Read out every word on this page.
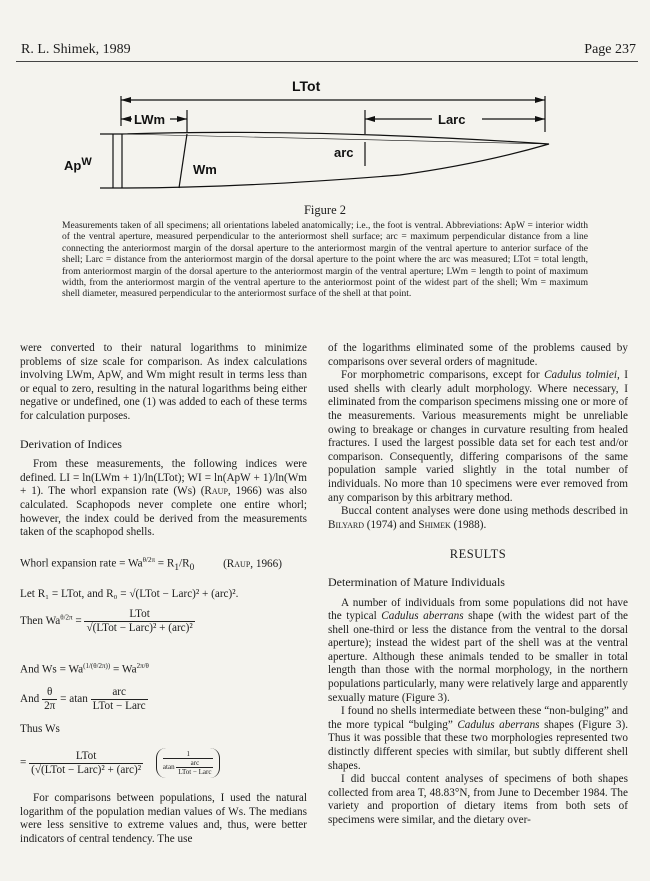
R. L. Shimek, 1989	Page 237
LTot
LWm	Larc
arc
$Ap^W$	Wm
Figure 2
Measurements taken of all specimens; all orientations labeled anatomically; i.e., the foot is ventral. Abbreviations: ApW = interior width of the ventral aperture, measured perpendicular to the anteriormost shell surface; arc = maximum perpendicular distance from a line connecting the anteriormost margin of the dorsal aperture to the anteriormost margin of the ventral aperture to anterior surface of the shell; Larc = distance from the anteriormost margin of the dorsal aperture to the point where the arc was measured; LTot = total length, from anteriormost margin of the dorsal aperture to the anteriormost margin of the ventral aperture; LWm = length to point of maximum width, from the anteriormost margin of the ventral aperture to the anteriormost point of the widest part of the shell; Wm = maximum shell diameter, measured perpendicular to the anteriormost surface of the shell at that point.

were converted to their natural logarithms to minimize problems of size scale for comparison. As index calculations involving LWm, ApW, and Wm might result in terms less than or equal to zero, resulting in the natural logarithms being either negative or undefined, one (1) was added to each of these terms for calculation purposes.

Derivation of Indices

From these measurements, the following indices were defined. LI = ln(LWm + 1)/ln(LTot); WI = ln(ApW + 1)/ln(Wm + 1). The whorl expansion rate (Ws) (Raup, 1966) was also calculated. Scaphopods never complete one entire whorl; however, the index could be derived from the measurements taken of the scaphopod shells.

Whorl expansion rate = $Wa^{\theta/2\pi} = R_1/R_0$	(Raup, 1966)
Let R₁ = LTot, and R₀ = √(LTot − Larc)² + (arc)².
Then $Wa^{\theta/2\pi} = \frac{\text{LTot}}{\text{√(LTot − Larc)² + (arc)²}}$
And $Ws = Wa^{(1/(\theta/2\pi))} = Wa^{2\pi/\theta}$
And $\frac{\theta}{2\pi} = atan \frac{\text{arc}}{\text{LTot − Larc}}$
Thus Ws
= $\frac{\text{LTot}}{\text{(√(LTot − Larc)² + (arc)²}}$
	1
atan $\frac{\text{arc}}{\text{LTot − Larc}}$

For comparisons between populations, I used the natural logarithm of the population median values of Ws. The medians were less sensitive to extreme values and, thus, were better indicators of central tendency. The use

of the logarithms eliminated some of the problems caused by comparisons over several orders of magnitude.

For morphometric comparisons, except for Cadulus tolmiei, I used shells with clearly adult morphology. Where necessary, I eliminated from the comparison specimens missing one or more of the measurements. Various measurements might be unreliable owing to breakage or changes in curvature resulting from healed fractures. I used the largest possible data set for each test and/or comparison. Consequently, differing comparisons of the same population sample varied slightly in the total number of individuals. No more than 10 specimens were ever removed from any comparison by this arbitrary method.

Buccal content analyses were done using methods described in Bilyard (1974) and Shimek (1988).

RESULTS

Determination of Mature Individuals

A number of individuals from some populations did not have the typical Cadulus aberrans shape (with the widest part of the shell one-third or less the distance from the ventral to the dorsal aperture); instead the widest part of the shell was at the ventral aperture. Although these animals tended to be smaller in total length than those with the normal morphology, in the northern populations particularly, many were relatively large and apparently sexually mature (Figure 3).

I found no shells intermediate between these “non-bulging” and the more typical “bulging” Cadulus aberrans shapes (Figure 3). Thus it was possible that these two morphologies represented two distinctly different species with similar, but subtly different shell shapes.

I did buccal content analyses of specimens of both shapes collected from area T, 48.83°N, from June to December 1984. The variety and proportion of dietary items from both sets of specimens were similar, and the dietary over-
